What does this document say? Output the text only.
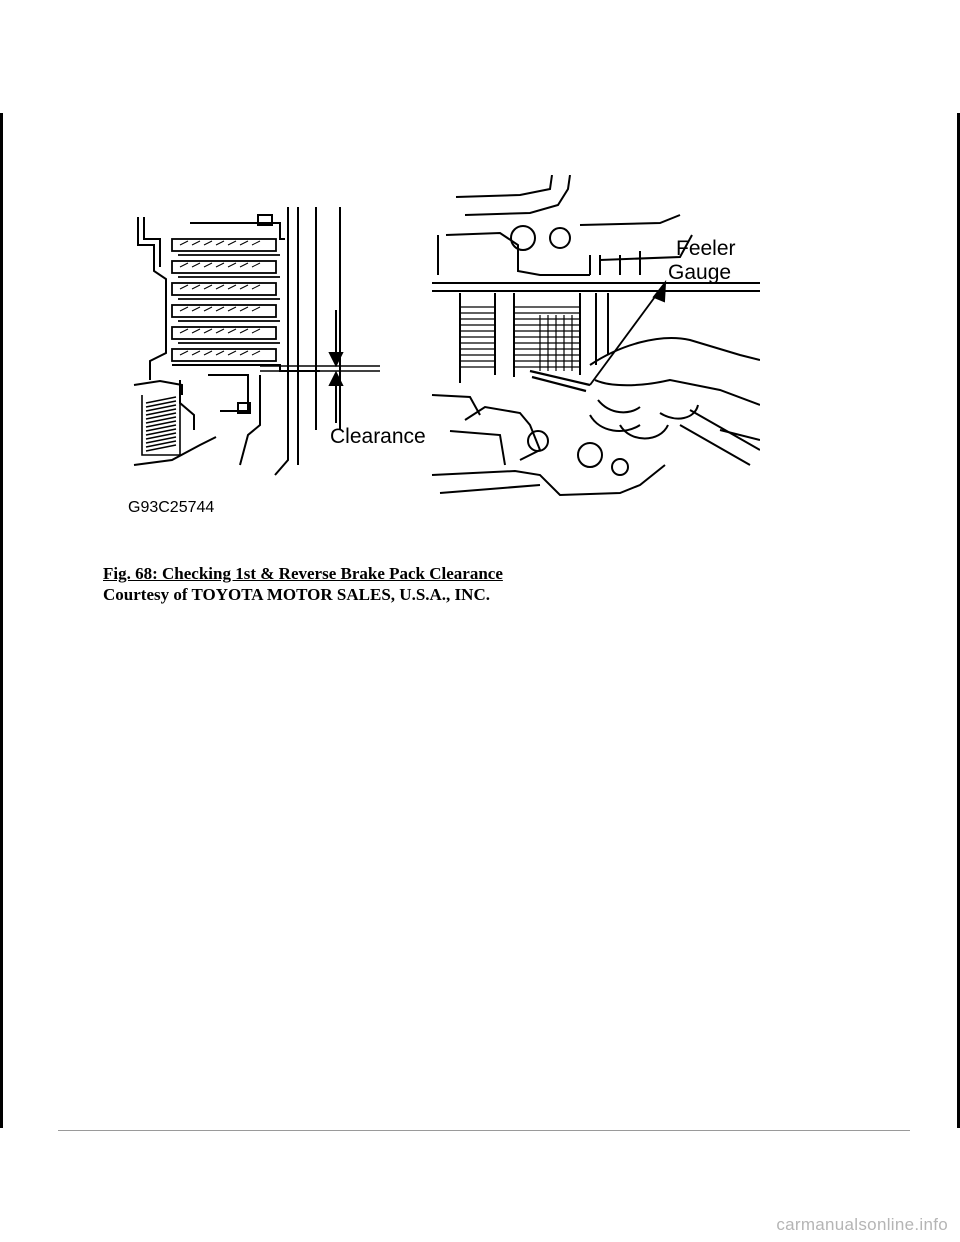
Clearance
G93C25744
Feeler
Gauge
Fig. 68: Checking 1st & Reverse Brake Pack Clearance
Courtesy of TOYOTA MOTOR SALES, U.S.A., INC.
carmanualsonline.info
